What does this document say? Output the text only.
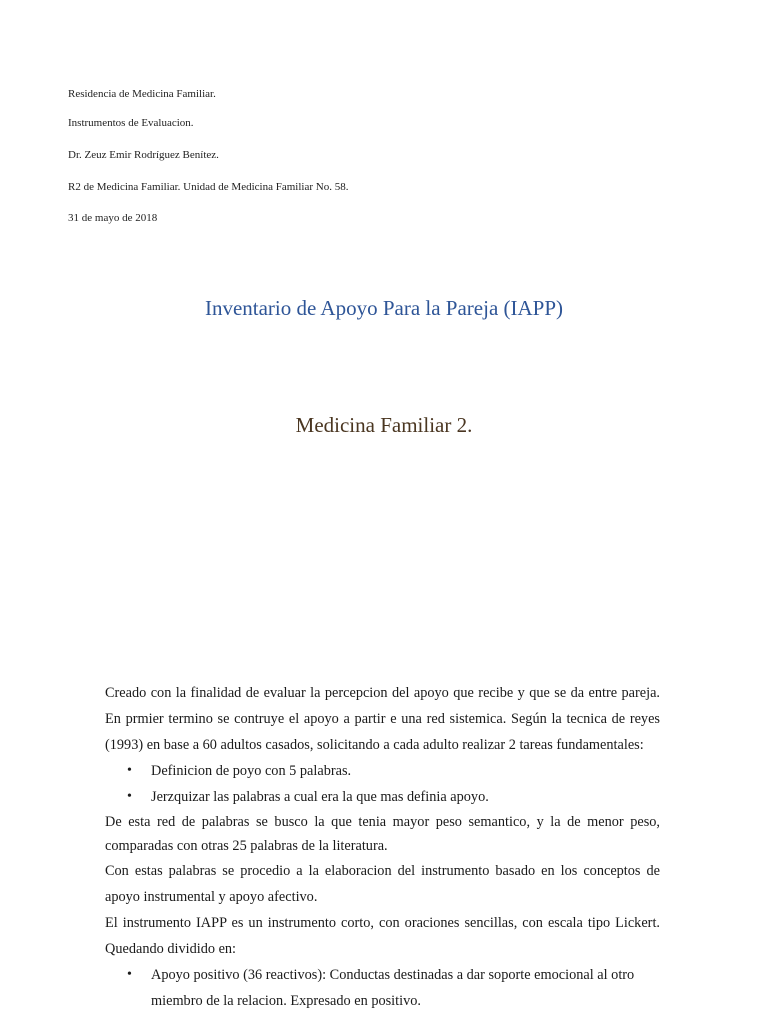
Residencia de Medicina Familiar.
Instrumentos de Evaluacion.
Dr. Zeuz Emir Rodríguez Benítez.
R2 de Medicina Familiar. Unidad de Medicina Familiar No. 58.
31 de mayo de 2018
Inventario de Apoyo Para la Pareja (IAPP)
Medicina Familiar 2.

Creado con la finalidad de evaluar la percepcion del apoyo que recibe y que se da entre pareja. En prmier termino se contruye el apoyo a partir e una red sistemica. Según la tecnica de reyes (1993) en base a 60 adultos casados, solicitando a cada adulto realizar 2 tareas fundamentales:

• Definicion de poyo con 5 palabras.
• Jerzquizar las palabras a cual era la que mas definia apoyo.

De esta red de palabras se busco la que tenia mayor peso semantico, y la de menor peso, comparadas con otras 25 palabras de la literatura.

Con estas palabras se procedio a la elaboracion del instrumento basado en los conceptos de apoyo instrumental y apoyo afectivo.

El instrumento IAPP es un instrumento corto, con oraciones sencillas, con escala tipo Lickert. Quedando dividido en:

• Apoyo positivo (36 reactivos): Conductas destinadas a dar soporte emocional al otro miembro de la relacion. Expresado en positivo.
